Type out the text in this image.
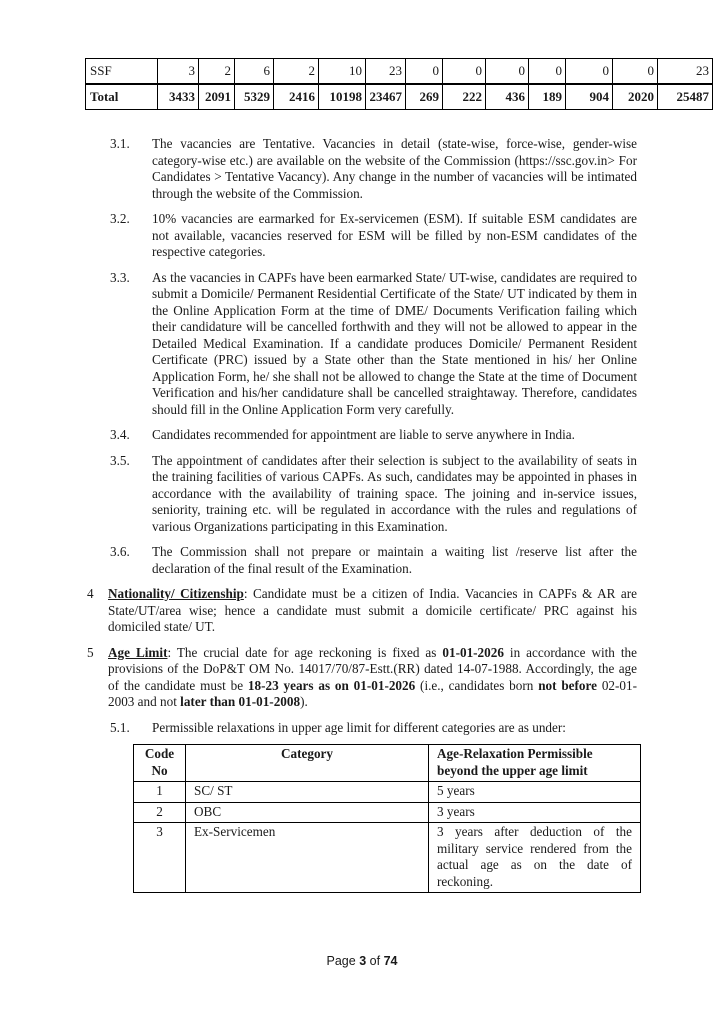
SSF	3	2	6	2	10	23	0	0	0	0	0	0	23
Total	3433	2091	5329	2416	10198	23467	269	222	436	189	904	2020	25487
3.1.	The vacancies are Tentative. Vacancies in detail (state-wise, force-wise, gender-wise category-wise etc.) are available on the website of the Commission (https://ssc.gov.in> For Candidates > Tentative Vacancy). Any change in the number of vacancies will be intimated through the website of the Commission.
3.2.	10% vacancies are earmarked for Ex-servicemen (ESM). If suitable ESM candidates are not available, vacancies reserved for ESM will be filled by non-ESM candidates of the respective categories.
3.3.	As the vacancies in CAPFs have been earmarked State/ UT-wise, candidates are required to submit a Domicile/ Permanent Residential Certificate of the State/ UT indicated by them in the Online Application Form at the time of DME/ Documents Verification failing which their candidature will be cancelled forthwith and they will not be allowed to appear in the Detailed Medical Examination. If a candidate produces Domicile/ Permanent Resident Certificate (PRC) issued by a State other than the State mentioned in his/ her Online Application Form, he/ she shall not be allowed to change the State at the time of Document Verification and his/her candidature shall be cancelled straightaway. Therefore, candidates should fill in the Online Application Form very carefully.
3.4.	Candidates recommended for appointment are liable to serve anywhere in India.
3.5.	The appointment of candidates after their selection is subject to the availability of seats in the training facilities of various CAPFs. As such, candidates may be appointed in phases in accordance with the availability of training space. The joining and in-service issues, seniority, training etc. will be regulated in accordance with the rules and regulations of various Organizations participating in this Examination.
3.6.	The Commission shall not prepare or maintain a waiting list /reserve list after the declaration of the final result of the Examination.
4	Nationality/ Citizenship: Candidate must be a citizen of India. Vacancies in CAPFs & AR are State/UT/area wise; hence a candidate must submit a domicile certificate/ PRC against his domiciled state/ UT.
5	Age Limit: The crucial date for age reckoning is fixed as 01-01-2026 in accordance with the provisions of the DoP&T OM No. 14017/70/87-Estt.(RR) dated 14-07-1988. Accordingly, the age of the candidate must be 18-23 years as on 01-01-2026 (i.e., candidates born not before 02-01-2003 and not later than 01-01-2008).
5.1.	Permissible relaxations in upper age limit for different categories are as under:
Code No	Category	Age-Relaxation Permissible beyond the upper age limit
1	SC/ ST	5 years
2	OBC	3 years
3	Ex-Servicemen	3 years after deduction of the military service rendered from the actual age as on the date of reckoning.
Page 3 of 74
